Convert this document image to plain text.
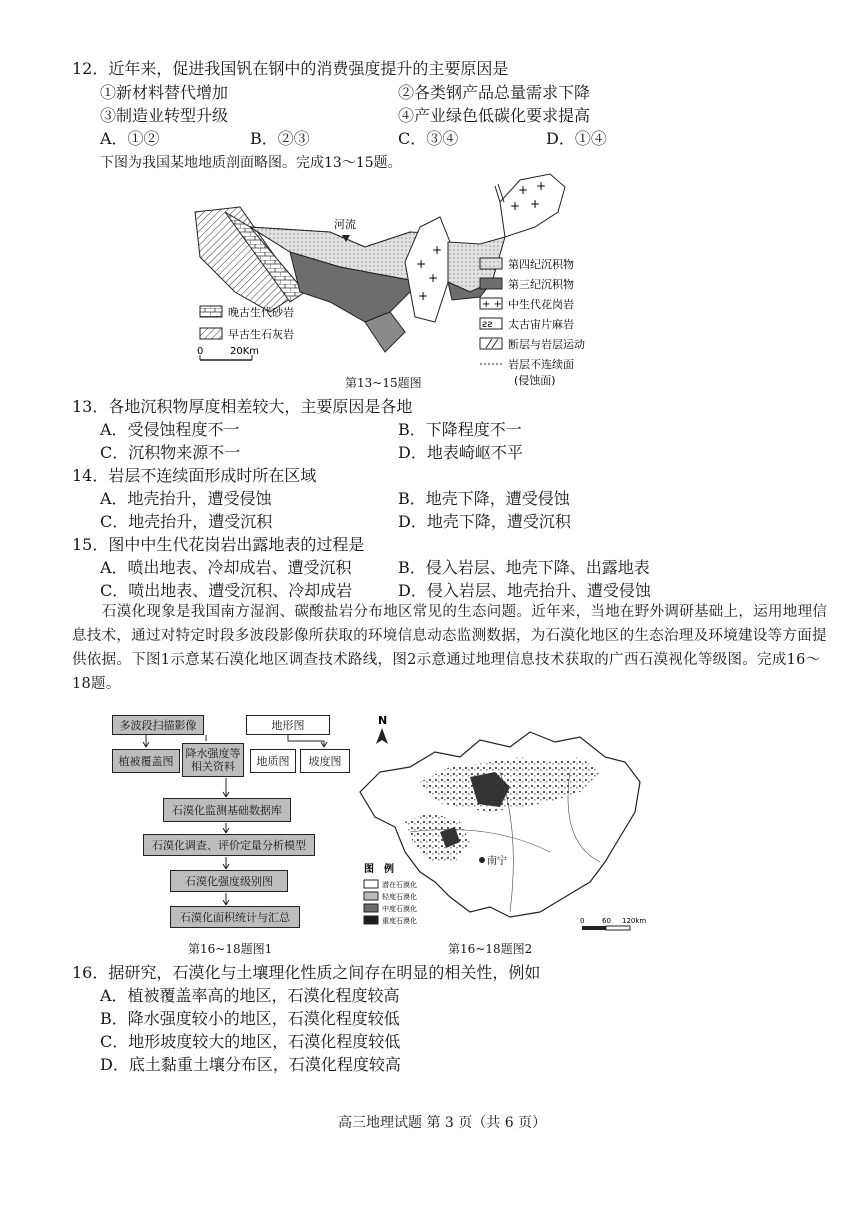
12．近年来，促进我国钒在钢中的消费强度提升的主要原因是
①新材料替代增加	②各类钢产品总量需求下降
③制造业转型升级	④产业绿色低碳化要求提高
A．①②	B．②③	C．③④	D．①④
下图为我国某地地质剖面略图。完成13～15题。
+
+
+
+
+ +
+ +
河流
晚古生代砂岩
早古生石灰岩
0	20Km
第四纪沉积物
第三纪沉积物
+ + 中生代花岗岩
ꙅꙅ 太古宙片麻岩
断层与岩层运动
岩层不连续面
(侵蚀面)
第13~15题图
13．各地沉积物厚度相差较大，主要原因是各地
A．受侵蚀程度不一	B．下降程度不一
C．沉积物来源不一	D．地表崎岖不平
14．岩层不连续面形成时所在区域
A．地壳抬升，遭受侵蚀	B．地壳下降，遭受侵蚀
C．地壳抬升，遭受沉积	D．地壳下降，遭受沉积
15．图中中生代花岗岩出露地表的过程是
A．喷出地表、冷却成岩、遭受沉积	B．侵入岩层、地壳下降、出露地表
C．喷出地表、遭受沉积、冷却成岩	D．侵入岩层、地壳抬升、遭受侵蚀
石漠化现象是我国南方湿润、碳酸盐岩分布地区常见的生态问题。近年来，当地在野外调研基础上，运用地理信息技术，通过对特定时段多波段影像所获取的环境信息动态监测数据，为石漠化地区的生态治理及环境建设等方面提供依据。下图1示意某石漠化地区调查技术路线，图2示意通过地理信息技术获取的广西石漠视化等级图。完成16～18题。
多波段扫描影像	地形图
植被覆盖图
降水强度等相关资料	地质图	坡度图
石漠化监测基础数据库
石漠化调查、评价定量分析模型
石漠化强度级别图
石漠化面积统计与汇总
第16~18题图1
N
南宁
图　例
潜在石漠化
轻度石漠化
中度石漠化
重度石漠化	0	60 120km
第16~18题图2
16．据研究，石漠化与土壤理化性质之间存在明显的相关性，例如
A．植被覆盖率高的地区，石漠化程度较高
B．降水强度较小的地区，石漠化程度较低
C．地形坡度较大的地区，石漠化程度较低
D．底土黏重土壤分布区，石漠化程度较高
高三地理试题 第 3 页（共 6 页）
